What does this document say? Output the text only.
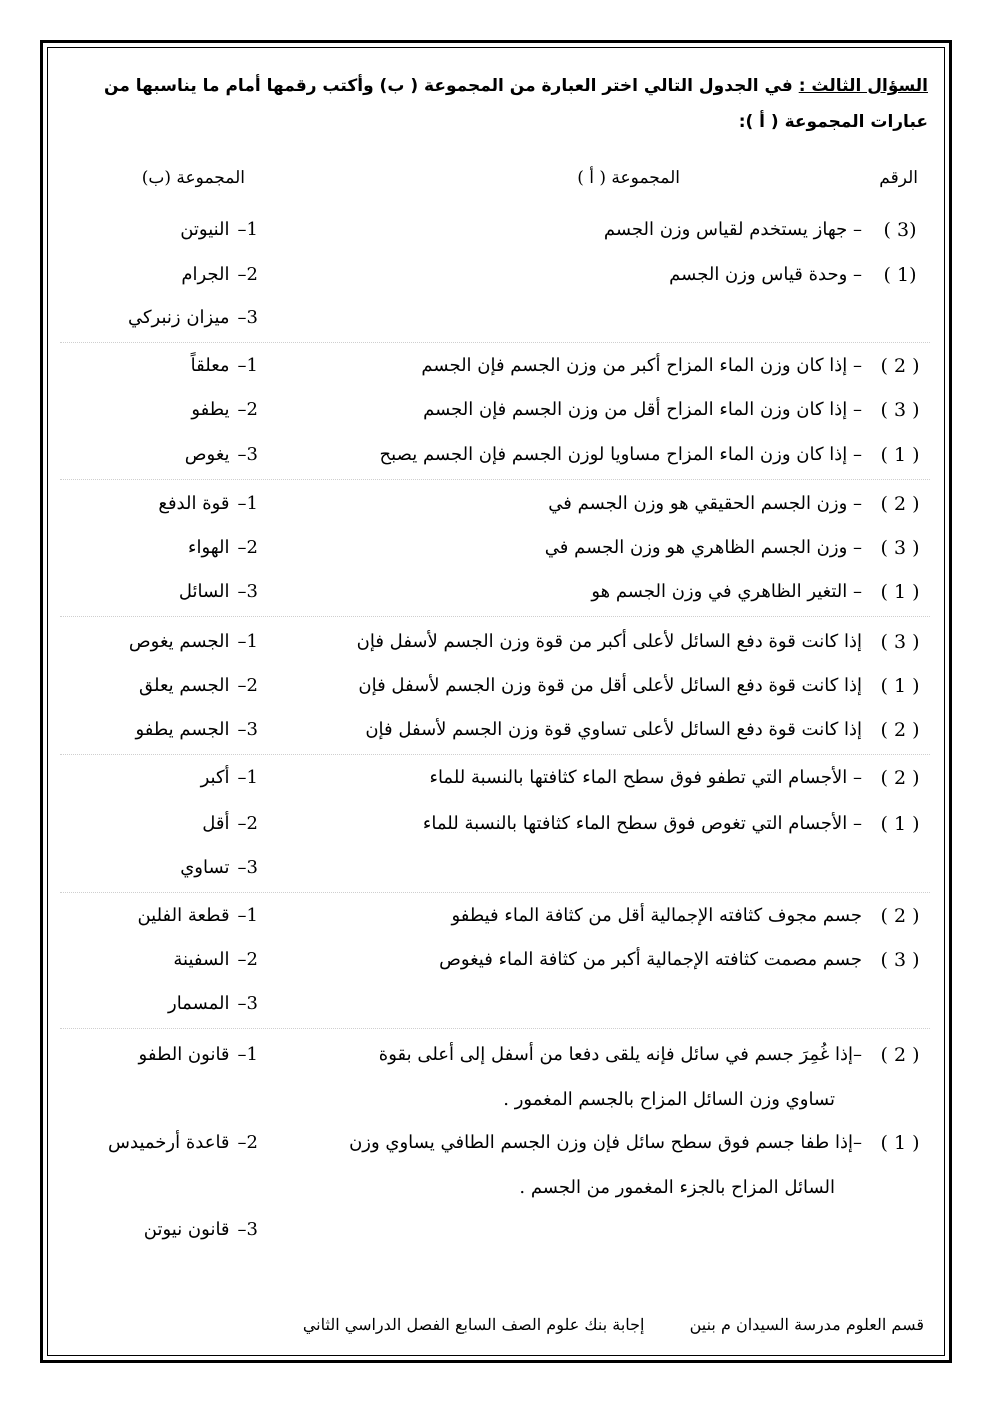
السؤال الثالث : في الجدول التالي اختر العبارة من المجموعة ( ب) وأكتب رقمها أمام ما يناسبها من
عبارات المجموعة ( أ ):
الرقم
المجموعة ( أ )
المجموعة (ب)
(3 )
– جهاز يستخدم لقياس وزن الجسم
1–النيوتن
(1 )
– وحدة قياس وزن الجسم
2–الجرام
3–ميزان زنبركي
( 2 )
– إذا كان وزن الماء المزاح أكبر من وزن الجسم فإن الجسم
1–معلقاً
( 3 )
– إذا كان وزن الماء المزاح أقل من وزن الجسم فإن الجسم
2–يطفو
( 1 )
– إذا كان وزن الماء المزاح مساويا لوزن الجسم فإن الجسم يصبح
3–يغوص
( 2 )
– وزن الجسم الحقيقي هو وزن الجسم في
1–قوة الدفع
( 3 )
– وزن الجسم الظاهري هو وزن الجسم في
2–الهواء
( 1 )
– التغير الظاهري في وزن الجسم هو
3–السائل
( 3 )
إذا كانت قوة دفع السائل لأعلى أكبر من قوة وزن الجسم لأسفل فإن
1–الجسم يغوص
( 1 )
إذا كانت قوة دفع السائل لأعلى أقل من قوة وزن الجسم لأسفل فإن
2–الجسم يعلق
( 2 )
إذا كانت قوة دفع السائل لأعلى تساوي قوة وزن الجسم لأسفل فإن
3–الجسم يطفو
( 2 )
– الأجسام التي تطفو فوق سطح الماء كثافتها بالنسبة للماء
1–أكبر
( 1 )
– الأجسام التي تغوص فوق سطح الماء كثافتها بالنسبة للماء
2–أقل
3–تساوي
( 2 )
جسم مجوف كثافته الإجمالية أقل من كثافة الماء فيطفو
1–قطعة الفلين
( 3 )
جسم مصمت كثافته الإجمالية أكبر من كثافة الماء فيغوص
2–السفينة
3–المسمار
( 2 )
–إذا غُمِرَ جسم في سائل فإنه يلقى دفعا من أسفل إلى أعلى بقوة
1–قانون الطفو
تساوي وزن السائل المزاح بالجسم المغمور .
( 1 )
–إذا طفا جسم فوق سطح سائل فإن وزن الجسم الطافي يساوي وزن
2–قاعدة أرخميدس
السائل المزاح بالجزء المغمور من الجسم .
3–قانون نيوتن
قسم العلوم مدرسة السيدان م بنين إجابة بنك علوم الصف السابع الفصل الدراسي الثاني
